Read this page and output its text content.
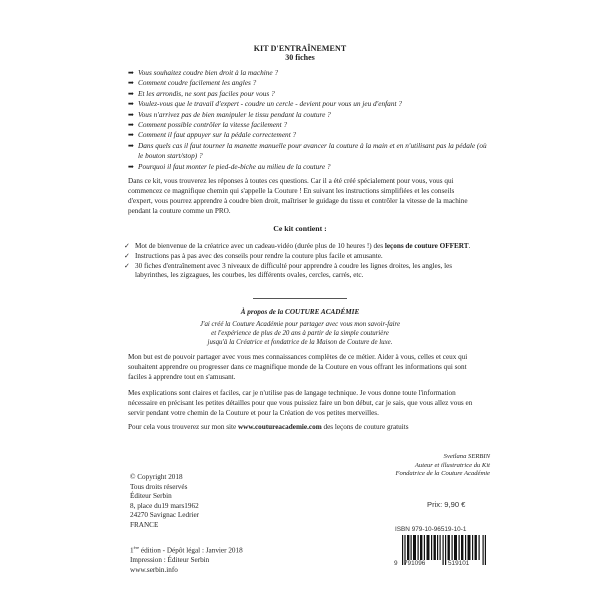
KIT D'ENTRAÎNEMENT
30 fiches
➡ Vous souhaitez coudre bien droit à la machine ?
➡ Comment coudre facilement les angles ?
➡ Et les arrondis, ne sont pas faciles pour vous ?
➡ Voulez-vous que le travail d'expert - coudre un cercle - devient pour vous un jeu d'enfant ?
➡ Vous n'arrivez pas de bien manipuler le tissu pendant la couture ?
➡ Comment possible contrôler la vitesse facilement ?
➡ Comment il faut appuyer sur la pédale correctement ?
➡ Dans quels cas il faut tourner la manette manuelle pour avancer la couture à la main et en n'utilisant pas la pédale (où le bouton start/stop) ?
➡ Pourquoi il faut monter le pied-de-biche au milieu de la couture ?
Dans ce kit, vous trouverez les réponses à toutes ces questions. Car il a été créé spécialement pour vous, vous qui commencez ce magnifique chemin qui s'appelle la Couture ! En suivant les instructions simplifiées et les conseils d'expert, vous pourrez apprendre à coudre bien droit, maîtriser le guidage du tissu et contrôler la vitesse de la machine pendant la couture comme un PRO.
Ce kit contient :
✓ Mot de bienvenue de la créatrice avec un cadeau-vidéo (durée plus de 10 heures !) des leçons de couture OFFERT.
✓ Instructions pas à pas avec des conseils pour rendre la couture plus facile et amusante.
✓ 30 fiches d'entraînement avec 3 niveaux de difficulté pour apprendre à coudre les lignes droites, les angles, les labyrinthes, les zigzagues, les courbes, les différents ovales, cercles, carrés, etc.
À propos de la COUTURE ACADÉMIE
J'ai créé la Couture Académie pour partager avec vous mon savoir-faire
et l'expérience de plus de 20 ans à partir de la simple couturière
jusqu'à la Créatrice et fondatrice de la Maison de Couture de luxe.
Mon but est de pouvoir partager avec vous mes connaissances complètes de ce métier. Aider à vous, celles et ceux qui souhaitent apprendre ou progresser dans ce magnifique monde de la Couture en vous offrant les informations qui sont faciles à apprendre tout en s'amusant.
Mes explications sont claires et faciles, car je n'utilise pas de langage technique. Je vous donne toute l'information nécessaire en précisant les petites détailles pour que vous puissiez faire un bon début, car je sais, que vous allez vous en servir pendant votre chemin de la Couture et pour la Création de vos petites merveilles.
Pour cela vous trouverez sur mon site www.coutureacademie.com des leçons de couture gratuits
Svetlana SERBIN
Auteur et illustratrice du Kit
Fondatrice de la Couture Académie
© Copyright 2018
Tous droits réservés
Éditeur Serbin
8, place du19 mars1962
24270 Savignac Ledrier
FRANCE
1ère édition - Dépôt légal : Janvier 2018
Impression : Éditeur Serbin
www.serbin.info
Prix: 9,90 €
ISBN 979-10-96519-10-1
9	791096	519101
